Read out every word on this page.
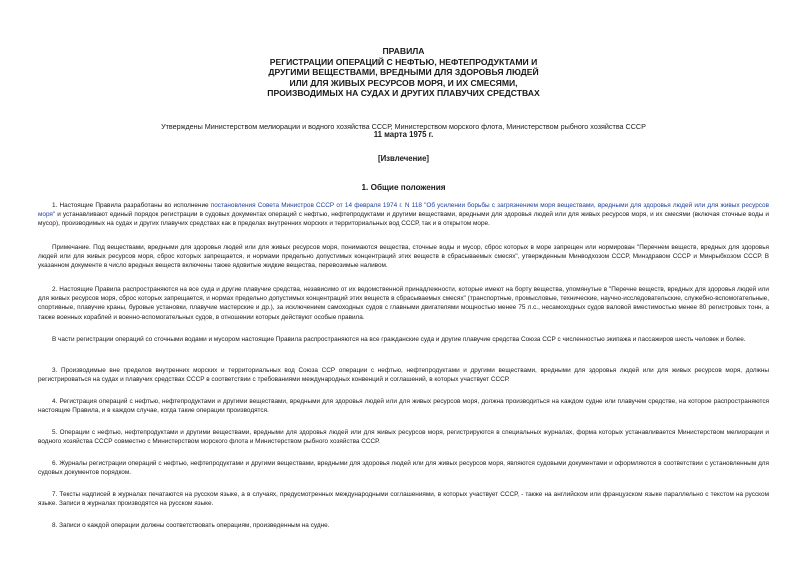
ПРАВИЛА
РЕГИСТРАЦИИ ОПЕРАЦИЙ С НЕФТЬЮ, НЕФТЕПРОДУКТАМИ И
ДРУГИМИ ВЕЩЕСТВАМИ, ВРЕДНЫМИ ДЛЯ ЗДОРОВЬЯ ЛЮДЕЙ
ИЛИ ДЛЯ ЖИВЫХ РЕСУРСОВ МОРЯ, И ИХ СМЕСЯМИ,
ПРОИЗВОДИМЫХ НА СУДАХ И ДРУГИХ ПЛАВУЧИХ СРЕДСТВАХ
Утверждены Министерством мелиорации и водного хозяйства СССР, Министерством морского флота, Министерством рыбного хозяйства СССР
11 марта 1975 г.
[Извлечение]
1. Общие положения

1. Настоящие Правила разработаны во исполнение постановления Совета Министров СССР от 14 февраля 1974 г. N 118 "Об усилении борьбы с загрязнением моря веществами, вредными для здоровья людей или для живых ресурсов моря" и устанавливают единый порядок регистрации в судовых документах операций с нефтью, нефтепродуктами и другими веществами, вредными для здоровья людей или для живых ресурсов моря, и их смесями (включая сточные воды и мусор), производимых на судах и других плавучих средствах как в пределах внутренних морских и территориальных вод СССР, так и в открытом море.

Примечание. Под веществами, вредными для здоровья людей или для живых ресурсов моря, понимаются вещества, сточные воды и мусор, сброс которых в море запрещен или нормирован "Перечнем веществ, вредных для здоровья людей или для живых ресурсов моря, сброс которых запрещается, и нормами предельно допустимых концентраций этих веществ в сбрасываемых смесях", утвержденным Минводхозом СССР, Минздравом СССР и Минрыбхозом СССР. В указанном документе в число вредных веществ включены также ядовитые жидкие вещества, перевозимые наливом.

2. Настоящие Правила распространяются на все суда и другие плавучие средства, независимо от их ведомственной принадлежности, которые имеют на борту вещества, упомянутые в "Перечне веществ, вредных для здоровья людей или для живых ресурсов моря, сброс которых запрещается, и нормах предельно допустимых концентраций этих веществ в сбрасываемых смесях" (транспортные, промысловые, технические, научно-исследовательские, служебно-вспомогательные, спортивные, плавучие краны, буровые установки, плавучие мастерские и др.), за исключением самоходных судов с главными двигателями мощностью менее 75 л.с., несамоходных судов валовой вместимостью менее 80 регистровых тонн, а также военных кораблей и военно-вспомогательных судов, в отношении которых действуют особые правила.

В части регистрации операций со сточными водами и мусором настоящие Правила распространяются на все гражданские суда и другие плавучие средства Союза ССР с численностью экипажа и пассажиров шесть человек и более.

3. Производимые вне пределов внутренних морских и территориальных вод Союза ССР операции с нефтью, нефтепродуктами и другими веществами, вредными для здоровья людей или для живых ресурсов моря, должны регистрироваться на судах и плавучих средствах СССР в соответствии с требованиями международных конвенций и соглашений, в которых участвует СССР.

4. Регистрация операций с нефтью, нефтепродуктами и другими веществами, вредными для здоровья людей или для живых ресурсов моря, должна производиться на каждом судне или плавучем средстве, на которое распространяются настоящие Правила, и в каждом случае, когда такие операции производятся.

5. Операции с нефтью, нефтепродуктами и другими веществами, вредными для здоровья людей или для живых ресурсов моря, регистрируются в специальных журналах, форма которых устанавливается Министерством мелиорации и водного хозяйства СССР совместно с Министерством морского флота и Министерством рыбного хозяйства СССР.

6. Журналы регистрации операций с нефтью, нефтепродуктами и другими веществами, вредными для здоровья людей или для живых ресурсов моря, являются судовыми документами и оформляются в соответствии с установленным для судовых документов порядком.

7. Тексты надписей в журналах печатаются на русском языке, а в случаях, предусмотренных международными соглашениями, в которых участвует СССР, - также на английском или французском языке параллельно с текстом на русском языке. Записи в журналах производятся на русском языке.

8. Записи о каждой операции должны соответствовать операциям, произведенным на судне.
